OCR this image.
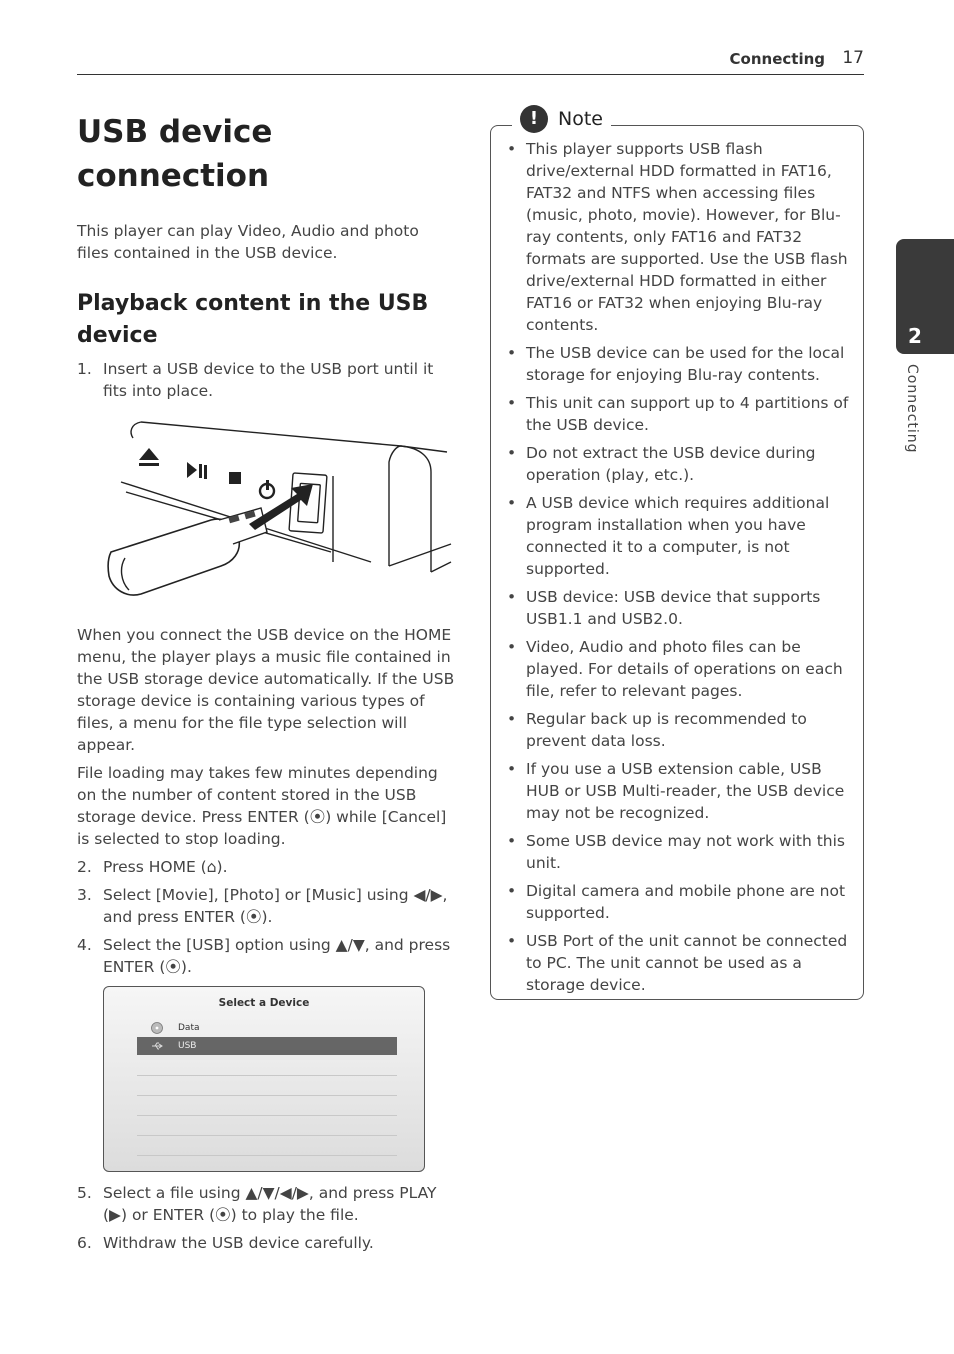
Connecting 17
2
Connecting
USB device connection

This player can play Video, Audio and photo files contained in the USB device.

Playback content in the USB device
1. Insert a USB device to the USB port until it fits into place.

When you connect the USB device on the HOME menu, the player plays a music file contained in the USB storage device automatically. If the USB storage device is containing various types of files, a menu for the file type selection will appear.

File loading may takes few minutes depending on the number of content stored in the USB storage device. Press ENTER (⦿) while [Cancel] is selected to stop loading.

2. Press HOME (⌂).
3. Select [Movie], [Photo] or [Music] using ◀/▶, and press ENTER (⦿).
4. Select the [USB] option using ▲/▼, and press ENTER (⦿).
Select a Device
Data
USB
5. Select a file using ▲/▼/◀/▶, and press PLAY (▶) or ENTER (⦿) to play the file.
6. Withdraw the USB device carefully.
!	Note
• This player supports USB flash drive/external HDD formatted in FAT16, FAT32 and NTFS when accessing files (music, photo, movie). However, for Blu-ray contents, only FAT16 and FAT32 formats are supported. Use the USB flash drive/external HDD formatted in either FAT16 or FAT32 when enjoying Blu-ray contents.
• The USB device can be used for the local storage for enjoying Blu-ray contents.
• This unit can support up to 4 partitions of the USB device.
• Do not extract the USB device during operation (play, etc.).
• A USB device which requires additional program installation when you have connected it to a computer, is not supported.
• USB device: USB device that supports USB1.1 and USB2.0.
• Video, Audio and photo files can be played. For details of operations on each file, refer to relevant pages.
• Regular back up is recommended to prevent data loss.
• If you use a USB extension cable, USB HUB or USB Multi-reader, the USB device may not be recognized.
• Some USB device may not work with this unit.
• Digital camera and mobile phone are not supported.
• USB Port of the unit cannot be connected to PC. The unit cannot be used as a storage device.
